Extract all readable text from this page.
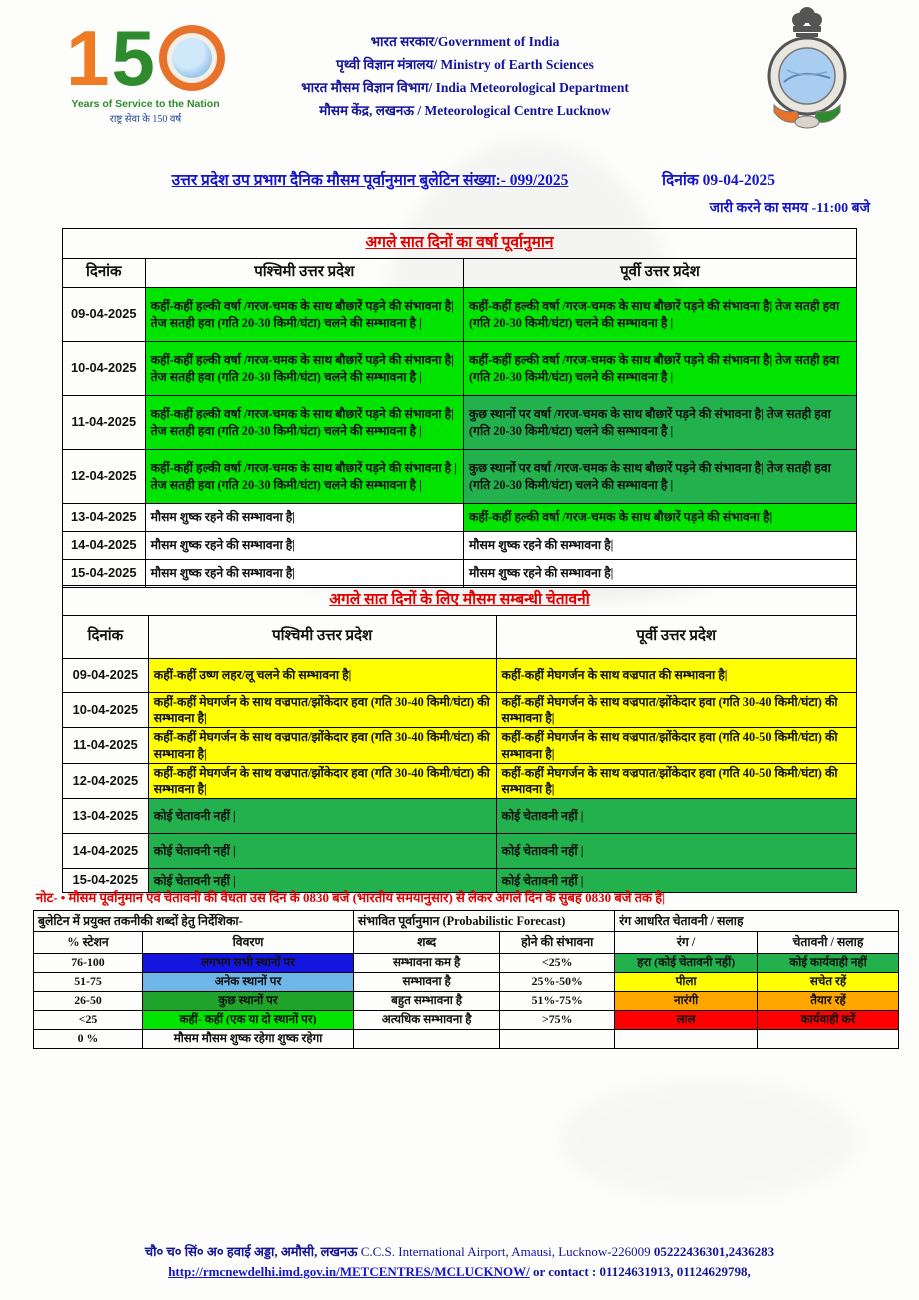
1 5
Years of Service to the Nation
राष्ट्र सेवा के 150 वर्ष
भारत सरकार/Government of India
पृथ्वी विज्ञान मंत्रालय/ Ministry of Earth Sciences
भारत मौसम विज्ञान विभाग/ India Meteorological Department
मौसम केंद्र, लखनऊ / Meteorological Centre Lucknow
उत्तर प्रदेश उप प्रभाग दैनिक मौसम पूर्वानुमान बुलेटिन संख्या:- 099/2025	दिनांक 09-04-2025
जारी करने का समय -11:00 बजे
अगले सात दिनों का वर्षा पूर्वानुमान		
दिनांक	पश्चिमी उत्तर प्रदेश	पूर्वी उत्तर प्रदेश
09-04-2025	कहीं-कहीं हल्की वर्षा /गरज-चमक के साथ बौछारें पड़ने की संभावना है| तेज सतही हवा (गति 20-30 किमी/घंटा) चलने की सम्भावना है |	कहीं-कहीं हल्की वर्षा /गरज-चमक के साथ बौछारें पड़ने की संभावना है| तेज सतही हवा (गति 20-30 किमी/घंटा) चलने की सम्भावना है |
10-04-2025	कहीं-कहीं हल्की वर्षा /गरज-चमक के साथ बौछारें पड़ने की संभावना है| तेज सतही हवा (गति 20-30 किमी/घंटा) चलने की सम्भावना है |	कहीं-कहीं हल्की वर्षा /गरज-चमक के साथ बौछारें पड़ने की संभावना है| तेज सतही हवा (गति 20-30 किमी/घंटा) चलने की सम्भावना है |
11-04-2025	कहीं-कहीं हल्की वर्षा /गरज-चमक के साथ बौछारें पड़ने की संभावना है| तेज सतही हवा (गति 20-30 किमी/घंटा) चलने की सम्भावना है |	कुछ स्थानों पर वर्षा /गरज-चमक के साथ बौछारें पड़ने की संभावना है| तेज सतही हवा (गति 20-30 किमी/घंटा) चलने की सम्भावना है |
12-04-2025	कहीं-कहीं हल्की वर्षा /गरज-चमक के साथ बौछारें पड़ने की संभावना है | तेज सतही हवा (गति 20-30 किमी/घंटा) चलने की सम्भावना है |	कुछ स्थानों पर वर्षा /गरज-चमक के साथ बौछारें पड़ने की संभावना है| तेज सतही हवा (गति 20-30 किमी/घंटा) चलने की सम्भावना है |
13-04-2025	मौसम शुष्क रहने की सम्भावना है|	कहीं-कहीं हल्की वर्षा /गरज-चमक के साथ बौछारें पड़ने की संभावना है|
14-04-2025	मौसम शुष्क रहने की सम्भावना है|	मौसम शुष्क रहने की सम्भावना है|
15-04-2025	मौसम शुष्क रहने की सम्भावना है|	मौसम शुष्क रहने की सम्भावना है|
अगले सात दिनों के लिए मौसम सम्बन्धी चेतावनी		
दिनांक	पश्चिमी उत्तर प्रदेश	पूर्वी उत्तर प्रदेश
09-04-2025	कहीं-कहीं उष्ण लहर/लू चलने की सम्भावना है|	कहीं-कहीं मेघगर्जन के साथ वज्रपात की सम्भावना है|
10-04-2025	कहीं-कहीं मेघगर्जन के साथ वज्रपात/झोंकेदार हवा (गति 30-40 किमी/घंटा) की सम्भावना है|	कहीं-कहीं मेघगर्जन के साथ वज्रपात/झोंकेदार हवा (गति 30-40 किमी/घंटा) की सम्भावना है|
11-04-2025	कहीं-कहीं मेघगर्जन के साथ वज्रपात/झोंकेदार हवा (गति 30-40 किमी/घंटा) की सम्भावना है|	कहीं-कहीं मेघगर्जन के साथ वज्रपात/झोंकेदार हवा (गति 40-50 किमी/घंटा) की सम्भावना है|
12-04-2025	कहीं-कहीं मेघगर्जन के साथ वज्रपात/झोंकेदार हवा (गति 30-40 किमी/घंटा) की सम्भावना है|	कहीं-कहीं मेघगर्जन के साथ वज्रपात/झोंकेदार हवा (गति 40-50 किमी/घंटा) की सम्भावना है|
13-04-2025	कोई चेतावनी नहीं |	कोई चेतावनी नहीं |
14-04-2025	कोई चेतावनी नहीं |	कोई चेतावनी नहीं |
15-04-2025	कोई चेतावनी नहीं |	कोई चेतावनी नहीं |
नोट- • मौसम पूर्वानुमान एवं चेतावनी की वैधता उस दिन के 0830 बजे (भारतीय समयानुसार) से लेकर अगले दिन के सुबह 0830 बजे तक है|
बुलेटिन में प्रयुक्त तकनीकी शब्दों हेतु निर्देशिका-		संभावित पूर्वानुमान (Probabilistic Forecast)		रंग आधरित चेतावनी / सलाह	
% स्टेशन	विवरण	शब्द	होने की संभावना	रंग /	चेतावनी / सलाह
76-100	लगभग सभी स्थानों पर	सम्भावना कम है	<25%	हरा (कोई चेतावनी नहीं)	कोई कार्यवाही नहीं
51-75	अनेक स्थानों पर	सम्भावना है	25%-50%	पीला	सचेत रहें
26-50	कुछ स्थानों पर	बहुत सम्भावना है	51%-75%	नारंगी	तैयार रहें
<25	कहीं- कहीं (एक या दो स्थानों पर)	अत्यधिक सम्भावना है	>75%	लाल	कार्यवाही करें
0 %	मौसम मौसम शुष्क रहेगा शुष्क रहेगा				
चौ० च० सिं० अ० हवाई अड्डा, अमौसी, लखनऊ C.C.S. International Airport, Amausi, Lucknow-226009 05222436301,2436283
http://rmcnewdelhi.imd.gov.in/METCENTRES/MCLUCKNOW/ or contact : 01124631913, 01124629798,
